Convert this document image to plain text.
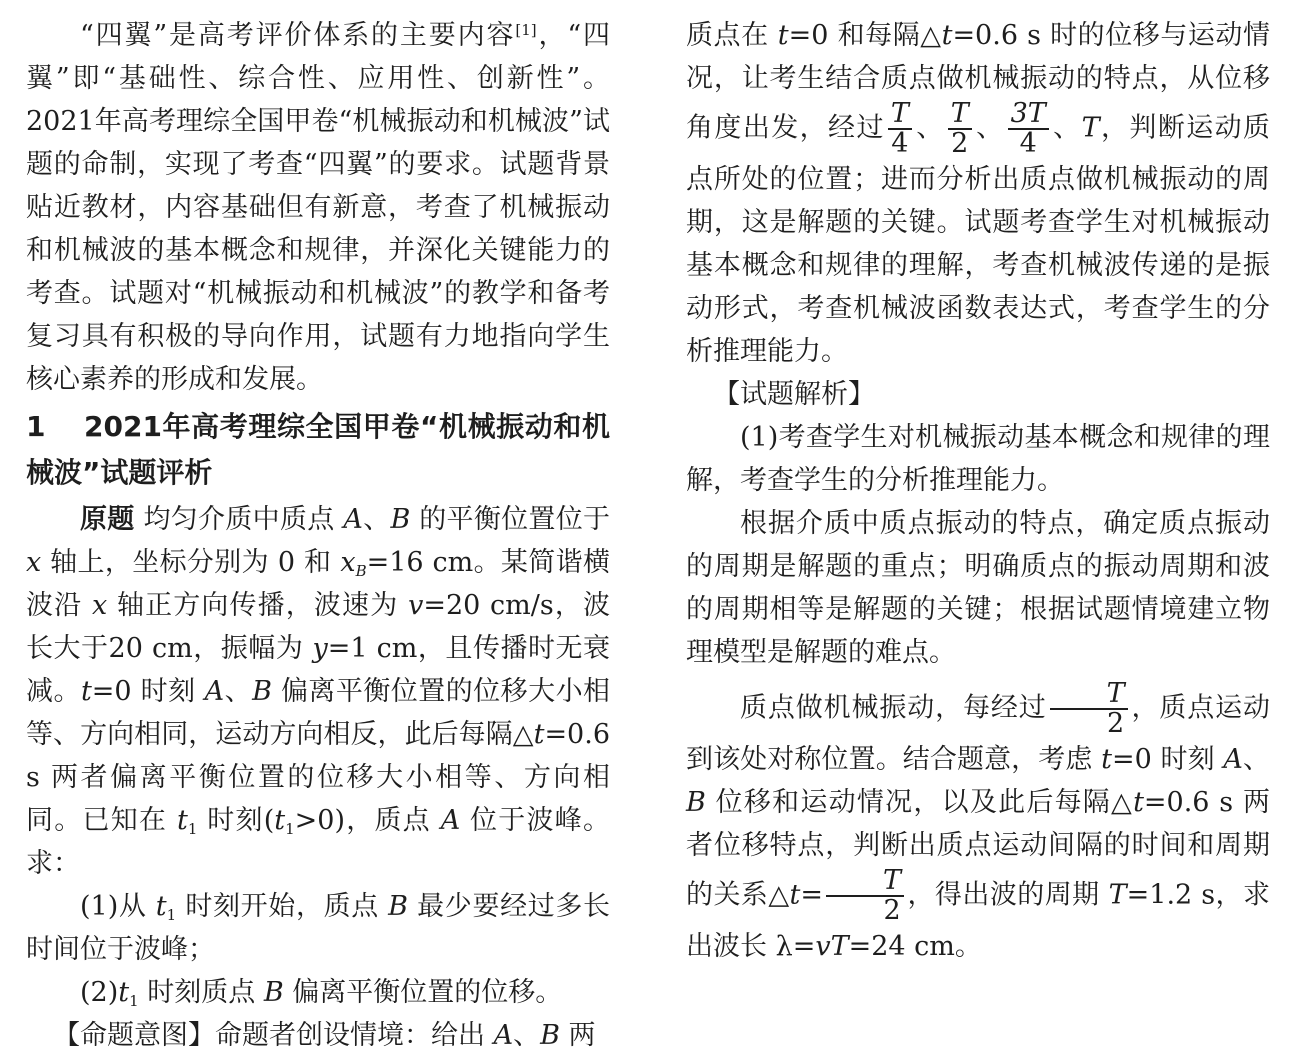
“四翼”是高考评价体系的主要内容[1]，“四翼”即“基础性、综合性、应用性、创新性”。2021年高考理综全国甲卷“机械振动和机械波”试题的命制，实现了考查“四翼”的要求。试题背景贴近教材，内容基础但有新意，考查了机械振动和机械波的基本概念和规律，并深化关键能力的考查。试题对“机械振动和机械波”的教学和备考复习具有积极的导向作用，试题有力地指向学生核心素养的形成和发展。

1 2021年高考理综全国甲卷“机械振动和机械波”试题评析

原题 均匀介质中质点 A、B 的平衡位置位于 x 轴上，坐标分别为 0 和 $x_B=16$ cm。某简谐横波沿 x 轴正方向传播，波速为 v=20 cm/s，波长大于20 cm，振幅为 y=1 cm，且传播时无衰减。t=0 时刻 A、B 偏离平衡位置的位移大小相等、方向相同，运动方向相反，此后每隔△t=0.6 s 两者偏离平衡位置的位移大小相等、方向相同。已知在 $t_1$ 时刻$(t_1>0)$，质点 A 位于波峰。求：

(1)从 $t_1$ 时刻开始，质点 B 最少要经过多长时间位于波峰；

$(2)t_1$ 时刻质点 B 偏离平衡位置的位移。

【命题意图】命题者创设情境：给出 A、B 两

质点在 t=0 和每隔△t=0.6 s 时的位移与运动情况，让考生结合质点做机械振动的特点，从位移角度出发，经过 $\frac{T}{4}$ 、 $\frac{T}{2}$ 、 $\frac{3T}{4}$ 、T，判断运动质点所处的位置；进而分析出质点做机械振动的周期，这是解题的关键。试题考查学生对机械振动基本概念和规律的理解，考查机械波传递的是振动形式，考查机械波函数表达式，考查学生的分析推理能力。

【试题解析】

(1)考查学生对机械振动基本概念和规律的理解，考查学生的分析推理能力。

根据介质中质点振动的特点，确定质点振动的周期是解题的重点；明确质点的振动周期和波的周期相等是解题的关键；根据试题情境建立物理模型是解题的难点。

质点做机械振动，每经过 $\frac{T}{2}$ ，质点运动到该处对称位置。结合题意，考虑 t=0 时刻 A、B 位移和运动情况，以及此后每隔△t=0.6 s 两者位移特点，判断出质点运动间隔的时间和周期的关系△t= $\frac{T}{2}$ ，得出波的周期 T=1.2 s，求出波长 λ=vT=24 cm。
